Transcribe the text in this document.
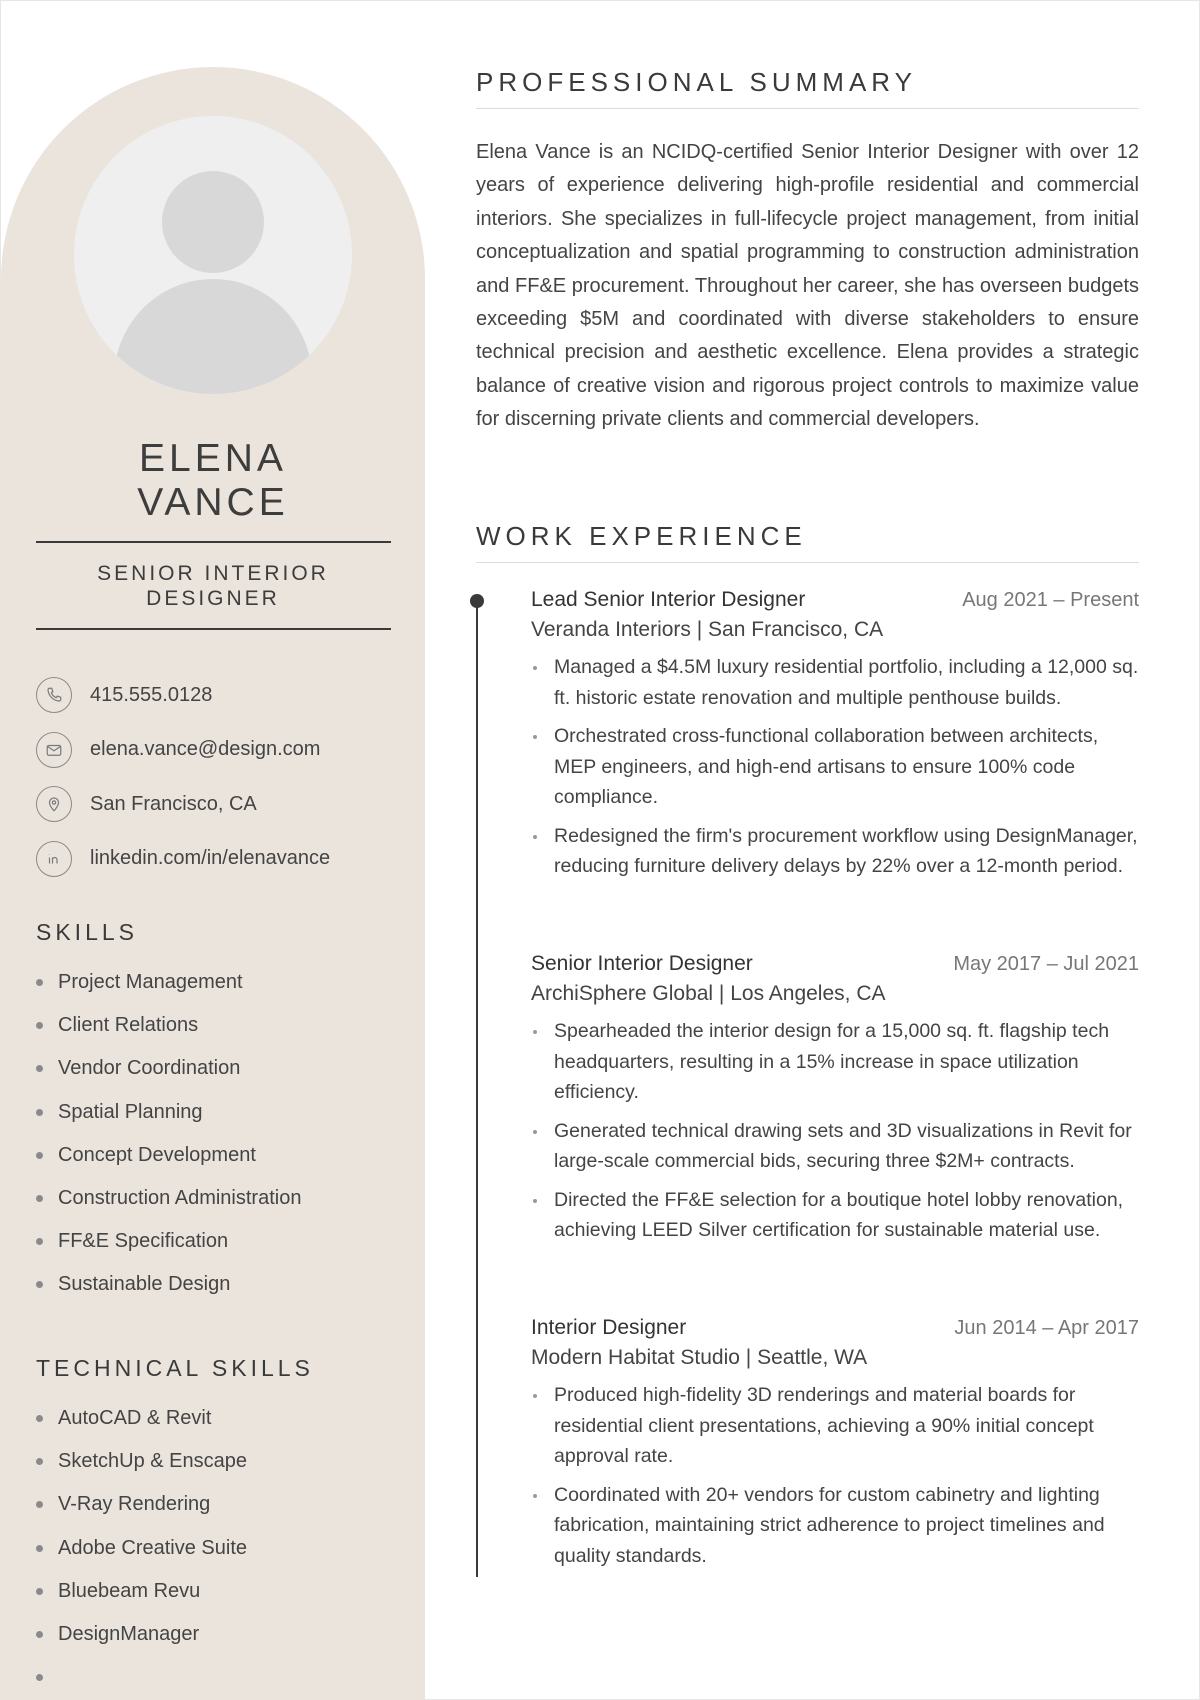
ELENA
VANCE
SENIOR INTERIOR
DESIGNER
415.555.0128
elena.vance@design.com
San Francisco, CA
linkedin.com/in/elenavance
SKILLS
Project Management
Client Relations
Vendor Coordination
Spatial Planning
Concept Development
Construction Administration
FF&E Specification
Sustainable Design
TECHNICAL SKILLS
AutoCAD & Revit
SketchUp & Enscape
V-Ray Rendering
Adobe Creative Suite
Bluebeam Revu
DesignManager
PROFESSIONAL SUMMARY

Elena Vance is an NCIDQ-certified Senior Interior Designer with over 12 years of experience delivering high-profile residential and commercial interiors. She specializes in full-lifecycle project management, from initial conceptualization and spatial programming to construction administration and FF&E procurement. Throughout her career, she has overseen budgets exceeding $5M and coordinated with diverse stakeholders to ensure technical precision and aesthetic excellence. Elena provides a strategic balance of creative vision and rigorous project controls to maximize value for discerning private clients and commercial developers.

WORK EXPERIENCE
Lead Senior Interior Designer	Aug 2021 – Present
Veranda Interiors | San Francisco, CA
Managed a $4.5M luxury residential portfolio, including a 12,000 sq. ft. historic estate renovation and multiple penthouse builds.
Orchestrated cross-functional collaboration between architects, MEP engineers, and high-end artisans to ensure 100% code compliance.
Redesigned the firm's procurement workflow using DesignManager, reducing furniture delivery delays by 22% over a 12-month period.
Senior Interior Designer	May 2017 – Jul 2021
ArchiSphere Global | Los Angeles, CA
Spearheaded the interior design for a 15,000 sq. ft. flagship tech headquarters, resulting in a 15% increase in space utilization efficiency.
Generated technical drawing sets and 3D visualizations in Revit for large-scale commercial bids, securing three $2M+ contracts.
Directed the FF&E selection for a boutique hotel lobby renovation, achieving LEED Silver certification for sustainable material use.
Interior Designer	Jun 2014 – Apr 2017
Modern Habitat Studio | Seattle, WA
Produced high-fidelity 3D renderings and material boards for residential client presentations, achieving a 90% initial concept approval rate.
Coordinated with 20+ vendors for custom cabinetry and lighting fabrication, maintaining strict adherence to project timelines and quality standards.
